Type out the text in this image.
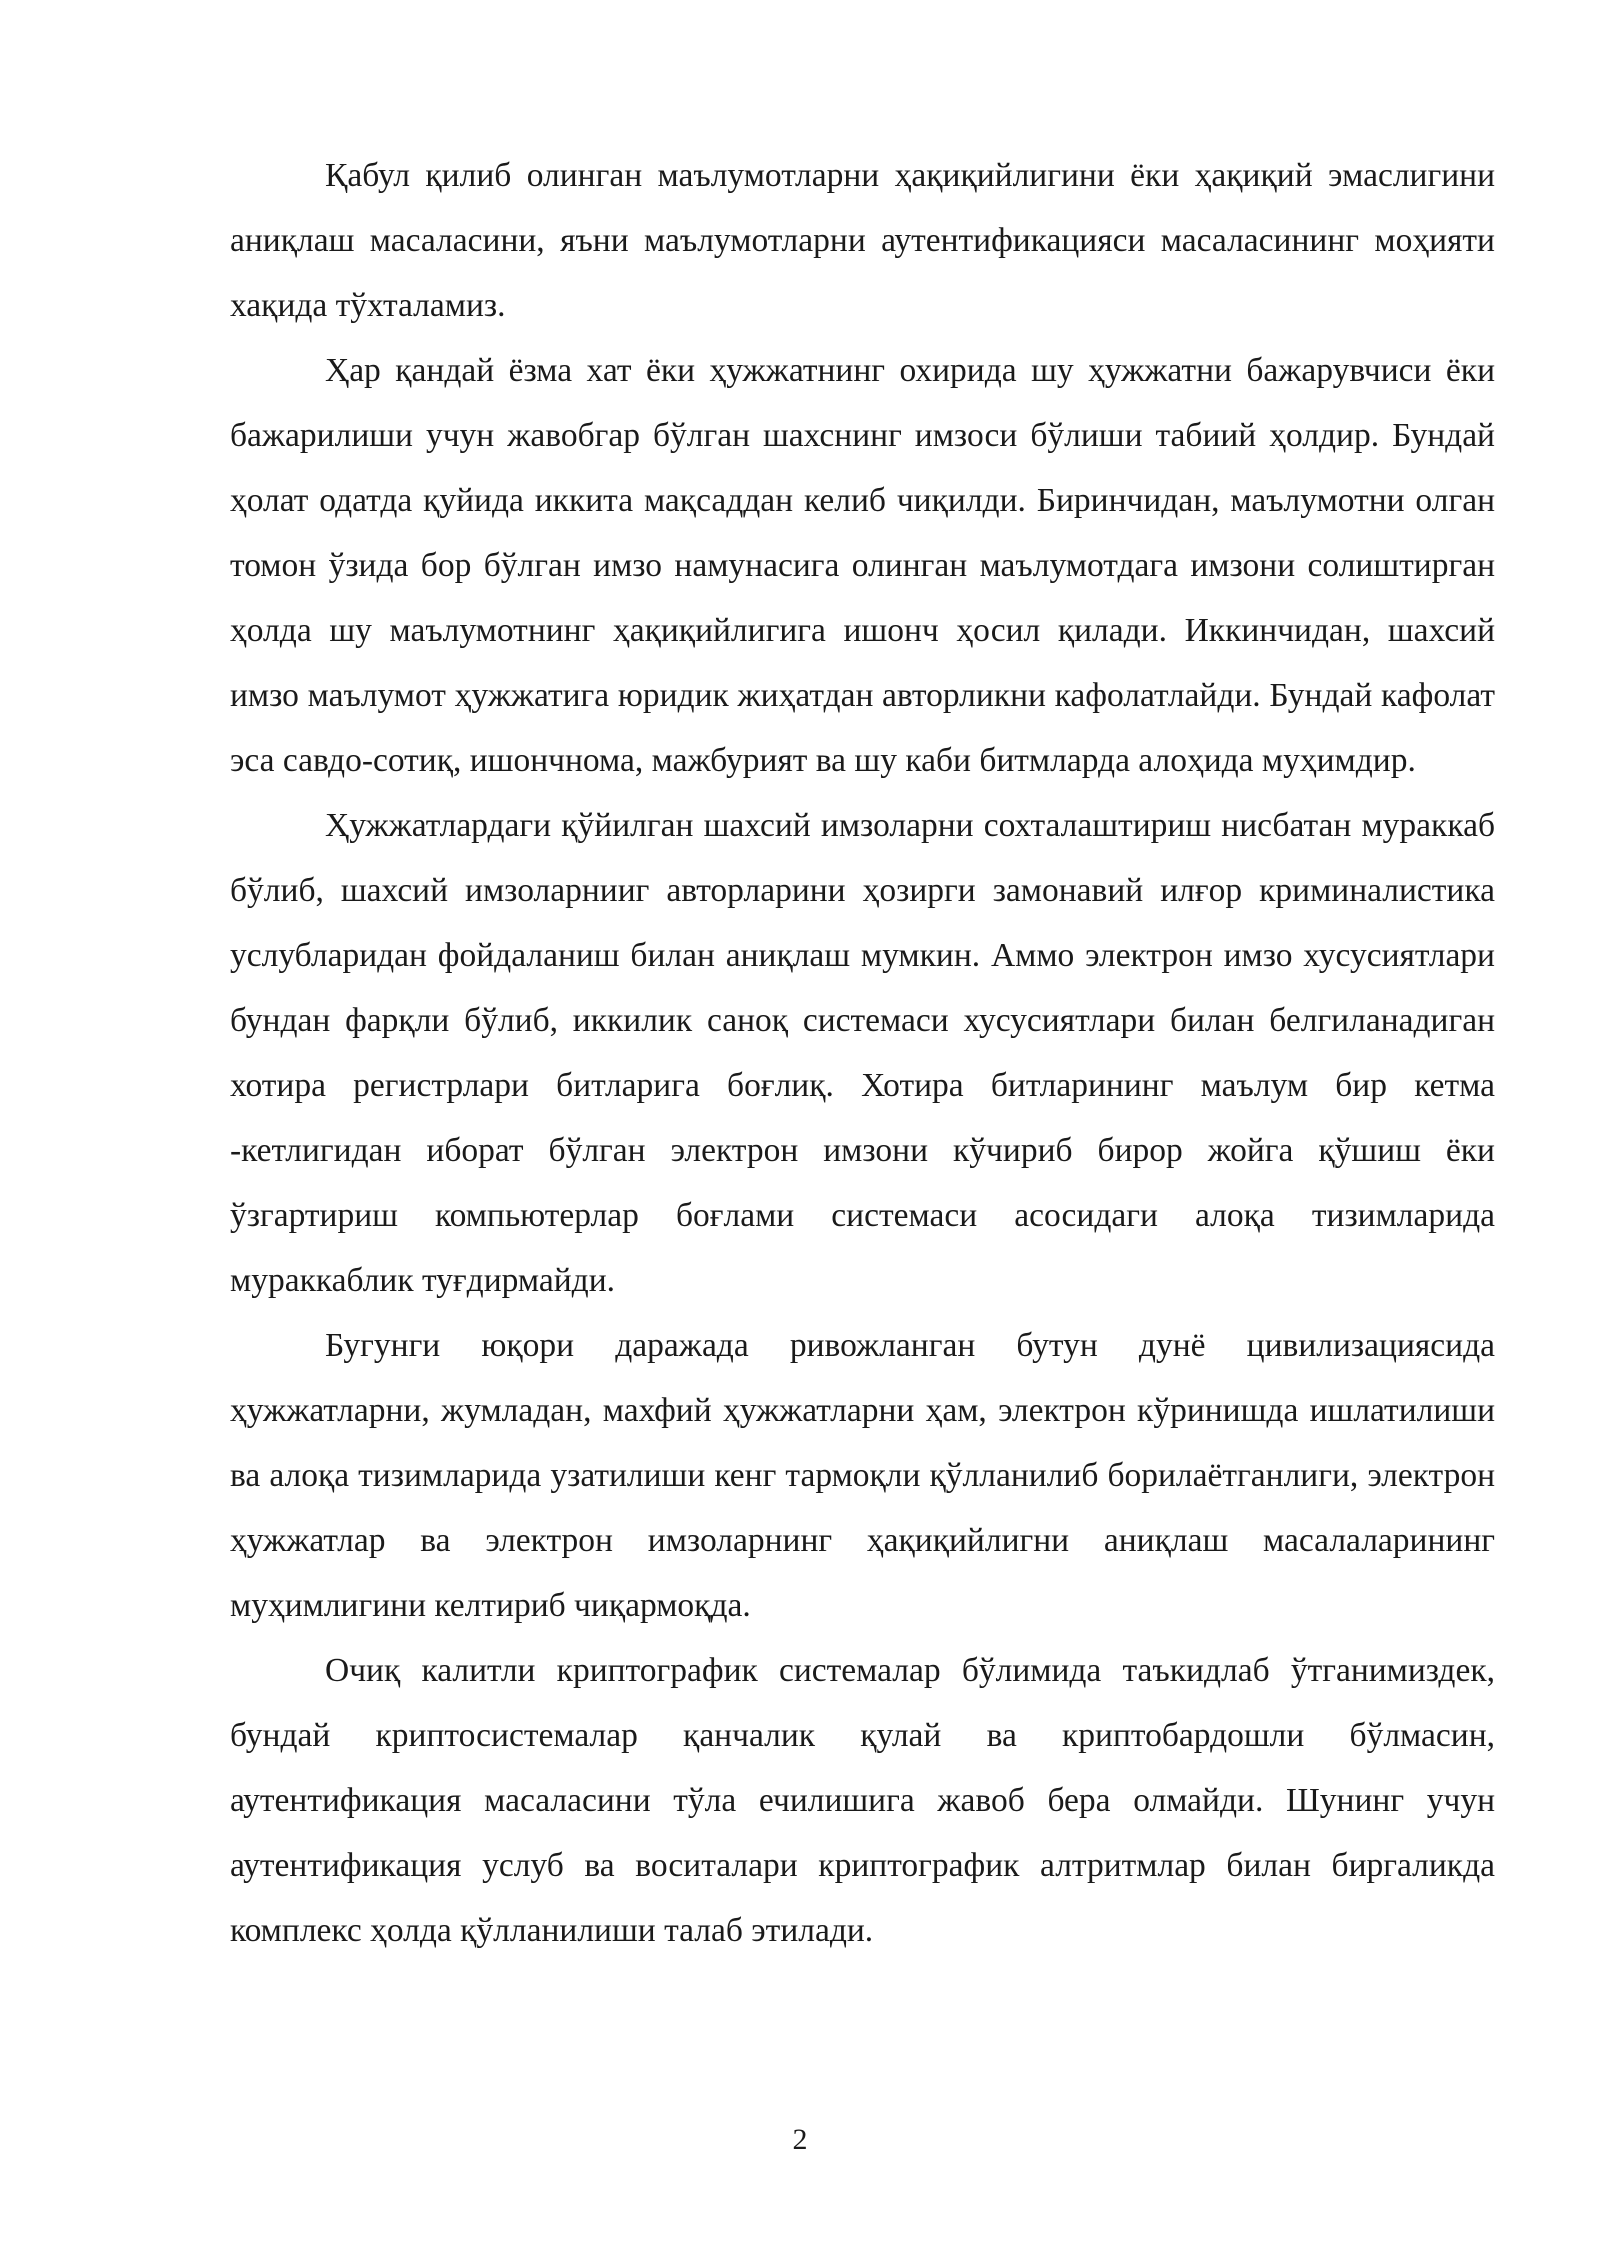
Қабул қилиб олинган маълумотларни ҳақиқийлигини ёки ҳақиқий эмаслигини аниқлаш масаласини, яъни маълумотларни аутентификацияси масаласининг моҳияти хақида тўхталамиз.

Ҳар қандай ёзма хат ёки ҳужжатнинг охирида шу ҳужжатни бажарувчиси ёки бажарилиши учун жавобгар бўлган шахснинг имзоси бўлиши табиий ҳолдир. Бундай ҳолат одатда қуйида иккита мақсаддан келиб чиқилди. Биринчидан, маълумотни олган томон ўзида бор бўлган имзо намунасига олинган маълумотдага имзони солиштирган ҳолда шу маълумотнинг ҳақиқийлигига ишонч ҳосил қилади. Иккинчидан, шахсий имзо маълумот ҳужжатига юридик жиҳатдан авторликни кафолатлайди. Бундай кафолат эса савдо-сотиқ, ишончнома, мажбурият ва шу каби битмларда алоҳида муҳимдир.

Ҳужжатлардаги қўйилган шахсий имзоларни сохталаштириш нисбатан мураккаб бўлиб, шахсий имзоларнииг авторларини ҳозирги замонавий илғор криминалистика услубларидан фойдаланиш билан аниқлаш мумкин. Аммо электрон имзо хусусиятлари бундан фарқли бўлиб, иккилик саноқ системаси хусусиятлари билан белгиланадиган хотира регистрлари битларига боғлиқ. Хотира битларининг маълум бир кетма -кетлигидан иборат бўлган электрон имзони кўчириб бирор жойга қўшиш ёки ўзгартириш компьютерлар боғлами системаси асосидаги алоқа тизимларида мураккаблик туғдирмайди.

Бугунги юқори даражада ривожланган бутун дунё цивилизациясида ҳужжатларни, жумладан, махфий ҳужжатларни ҳам, электрон кўринишда ишлатилиши ва алоқа тизимларида узатилиши кенг тармоқли қўлланилиб борилаётганлиги, электрон ҳужжатлар ва электрон имзоларнинг ҳақиқийлигни аниқлаш масалаларининг муҳимлигини келтириб чиқармоқда.

Очиқ калитли криптографик системалар бўлимида таъкидлаб ўтганимиздек, бундай криптосистемалар қанчалик қулай ва криптобардошли бўлмасин, аутентификация масаласини тўла ечилишига жавоб бера олмайди. Шунинг учун аутентификация услуб ва воситалари криптографик алтритмлар билан биргаликда комплекс ҳолда қўлланилиши талаб этилади.

2
